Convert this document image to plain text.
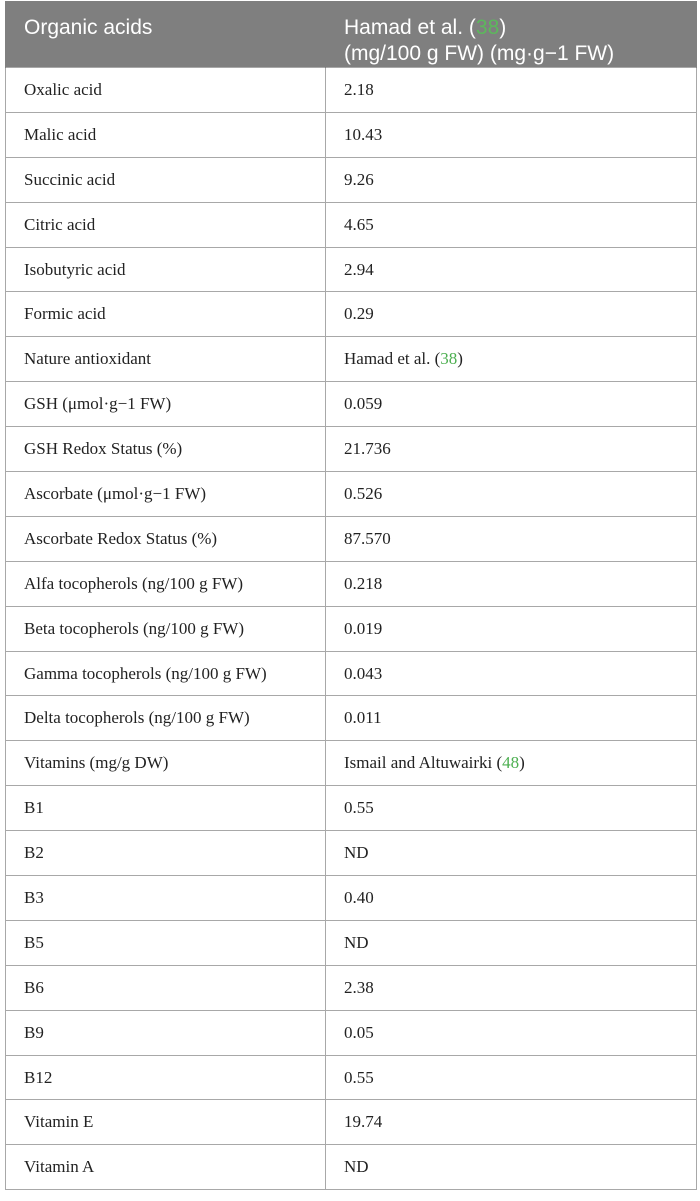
Organic acids	Hamad et al. (38)
(mg/100 g FW) (mg·g−1 FW)
Oxalic acid	2.18
Malic acid	10.43
Succinic acid	9.26
Citric acid	4.65
Isobutyric acid	2.94
Formic acid	0.29
Nature antioxidant	Hamad et al. (38)
GSH (μmol·g−1 FW)	0.059
GSH Redox Status (%)	21.736
Ascorbate (μmol·g−1 FW)	0.526
Ascorbate Redox Status (%)	87.570
Alfa tocopherols (ng/100 g FW)	0.218
Beta tocopherols (ng/100 g FW)	0.019
Gamma tocopherols (ng/100 g FW)	0.043
Delta tocopherols (ng/100 g FW)	0.011
Vitamins (mg/g DW)	Ismail and Altuwairki (48)
B1	0.55
B2	ND
B3	0.40
B5	ND
B6	2.38
B9	0.05
B12	0.55
Vitamin E	19.74
Vitamin A	ND
